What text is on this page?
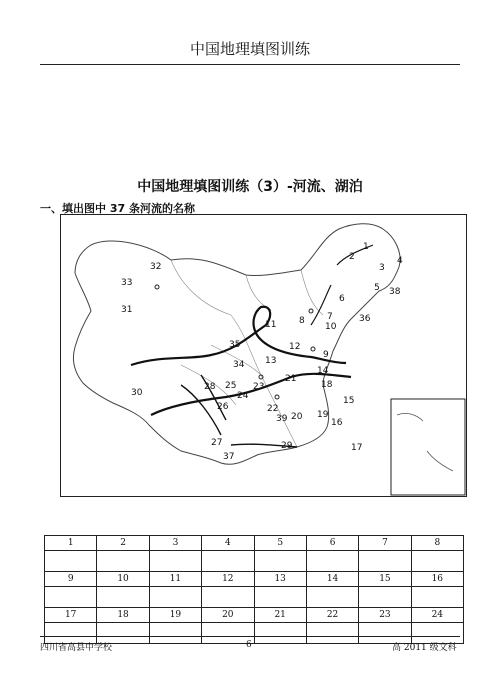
中国地理填图训练
中国地理填图训练（3）-河流、湖泊
一、填出图中 37 条河流的名称
1
2
3
4
5
6
7
8
9
10
11
12
13
14
15
16
17
18
19
20
21
22
23
24
25
26
27
28
29
30
31
32
33
34
35
36
37
38
39
1	2	3	4	5	6	7	8

9	10	11	12	13	14	15	16

17	18	19	20	21	22	23	24

四川省高县中学校	6	高 2011 级文科
